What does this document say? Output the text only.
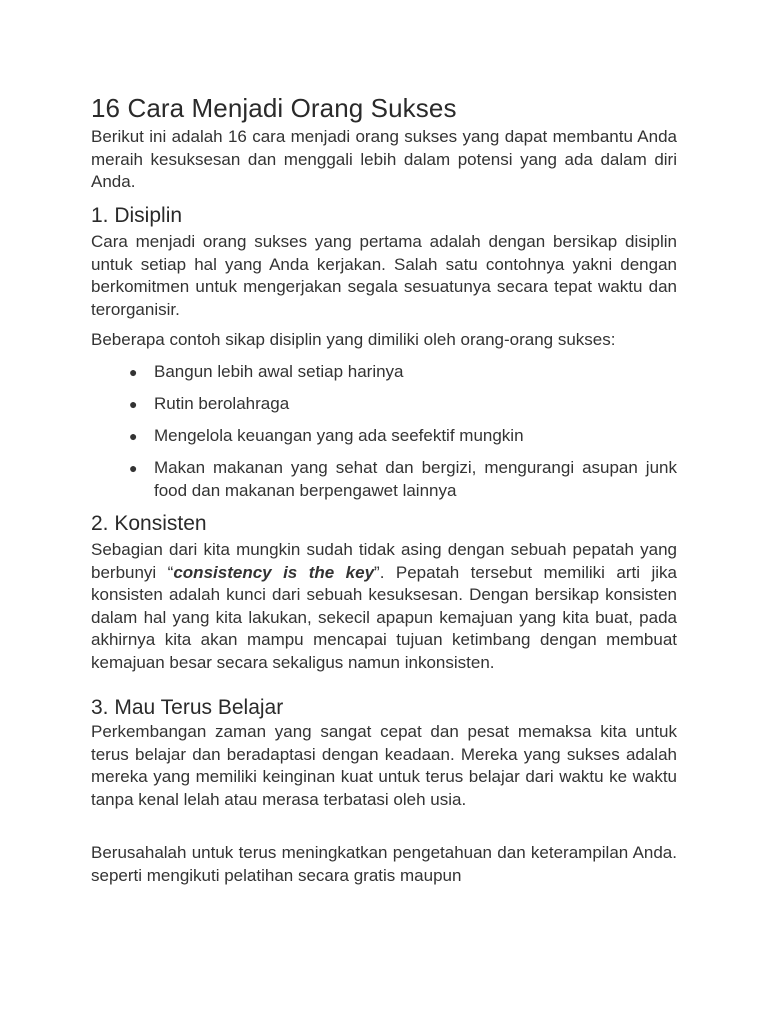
16 Cara Menjadi Orang Sukses

Berikut ini adalah 16 cara menjadi orang sukses yang dapat membantu Anda meraih kesuksesan dan menggali lebih dalam potensi yang ada dalam diri Anda.

1. Disiplin

Cara menjadi orang sukses yang pertama adalah dengan bersikap disiplin untuk setiap hal yang Anda kerjakan. Salah satu contohnya yakni dengan berkomitmen untuk mengerjakan segala sesuatunya secara tepat waktu dan terorganisir.

Beberapa contoh sikap disiplin yang dimiliki oleh orang-orang sukses:

● Bangun lebih awal setiap harinya
● Rutin berolahraga
● Mengelola keuangan yang ada seefektif mungkin
● Makan makanan yang sehat dan bergizi, mengurangi asupan junk food dan makanan berpengawet lainnya
2. Konsisten

Sebagian dari kita mungkin sudah tidak asing dengan sebuah pepatah yang berbunyi “consistency is the key”. Pepatah tersebut memiliki arti jika konsisten adalah kunci dari sebuah kesuksesan. Dengan bersikap konsisten dalam hal yang kita lakukan, sekecil apapun kemajuan yang kita buat, pada akhirnya kita akan mampu mencapai tujuan ketimbang dengan membuat kemajuan besar secara sekaligus namun inkonsisten.

3. Mau Terus Belajar

Perkembangan zaman yang sangat cepat dan pesat memaksa kita untuk terus belajar dan beradaptasi dengan keadaan. Mereka yang sukses adalah mereka yang memiliki keinginan kuat untuk terus belajar dari waktu ke waktu tanpa kenal lelah atau merasa terbatasi oleh usia.

Berusahalah untuk terus meningkatkan pengetahuan dan keterampilan Anda. seperti mengikuti pelatihan secara gratis maupun
